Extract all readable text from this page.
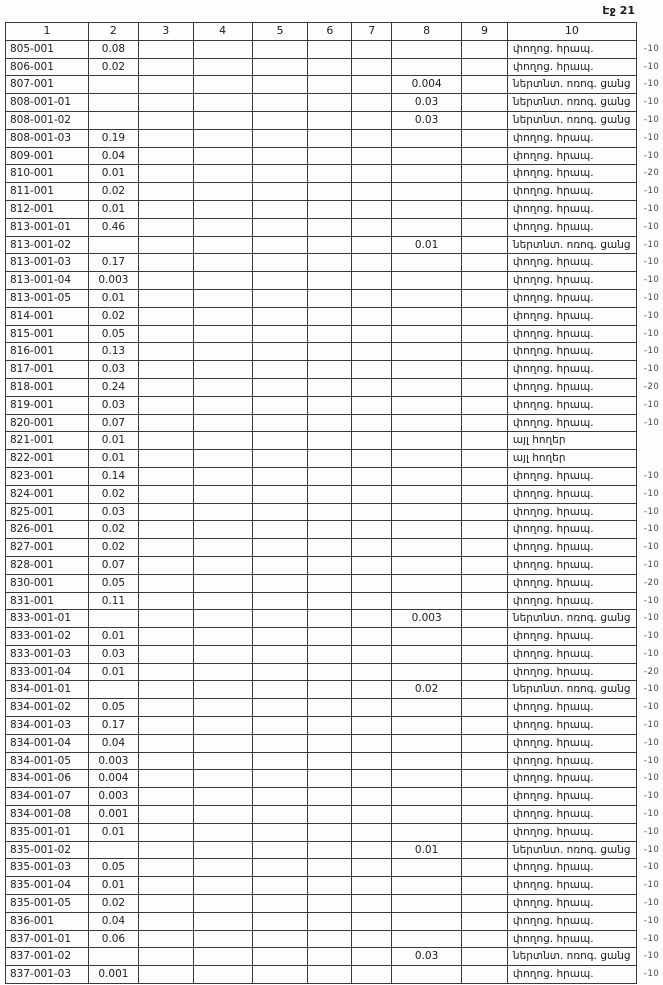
Էջ 21
1	2	3	4	5	6	7	8	9	10	
805-001	0.08								փողոց. հրապ.	-10
806-001	0.02								փողոց. հրապ.	-10
807-001							0.004		ներտնտ. ոռոգ. ցանց	-10
808-001-01							0.03		ներտնտ. ոռոգ. ցանց	-10
808-001-02							0.03		ներտնտ. ոռոգ. ցանց	-10
808-001-03	0.19								փողոց. հրապ.	-10
809-001	0.04								փողոց. հրապ.	-10
810-001	0.01								փողոց. հրապ.	-20
811-001	0.02								փողոց. հրապ.	-10
812-001	0.01								փողոց. հրապ.	-10
813-001-01	0.46								փողոց. հրապ.	-10
813-001-02							0.01		ներտնտ. ոռոգ. ցանց	-10
813-001-03	0.17								փողոց. հրապ.	-10
813-001-04	0.003								փողոց. հրապ.	-10
813-001-05	0.01								փողոց. հրապ.	-10
814-001	0.02								փողոց. հրապ.	-10
815-001	0.05								փողոց. հրապ.	-10
816-001	0.13								փողոց. հրապ.	-10
817-001	0.03								փողոց. հրապ.	-10
818-001	0.24								փողոց. հրապ.	-20
819-001	0.03								փողոց. հրապ.	-10
820-001	0.07								փողոց. հրապ.	-10
821-001	0.01								այլ հողեր	
822-001	0.01								այլ հողեր	
823-001	0.14								փողոց. հրապ.	-10
824-001	0.02								փողոց. հրապ.	-10
825-001	0.03								փողոց. հրապ.	-10
826-001	0.02								փողոց. հրապ.	-10
827-001	0.02								փողոց. հրապ.	-10
828-001	0.07								փողոց. հրապ.	-10
830-001	0.05								փողոց. հրապ.	-20
831-001	0.11								փողոց. հրապ.	-10
833-001-01							0.003		ներտնտ. ոռոգ. ցանց	-10
833-001-02	0.01								փողոց. հրապ.	-10
833-001-03	0.03								փողոց. հրապ.	-10
833-001-04	0.01								փողոց. հրապ.	-20
834-001-01							0.02		ներտնտ. ոռոգ. ցանց	-10
834-001-02	0.05								փողոց. հրապ.	-10
834-001-03	0.17								փողոց. հրապ.	-10
834-001-04	0.04								փողոց. հրապ.	-10
834-001-05	0.003								փողոց. հրապ.	-10
834-001-06	0.004								փողոց. հրապ.	-10
834-001-07	0.003								փողոց. հրապ.	-10
834-001-08	0.001								փողոց. հրապ.	-10
835-001-01	0.01								փողոց. հրապ.	-10
835-001-02							0.01		ներտնտ. ոռոգ. ցանց	-10
835-001-03	0.05								փողոց. հրապ.	-10
835-001-04	0.01								փողոց. հրապ.	-10
835-001-05	0.02								փողոց. հրապ.	-10
836-001	0.04								փողոց. հրապ.	-10
837-001-01	0.06								փողոց. հրապ.	-10
837-001-02							0.03		ներտնտ. ոռոգ. ցանց	-10
837-001-03	0.001								փողոց. հրապ.	-10
